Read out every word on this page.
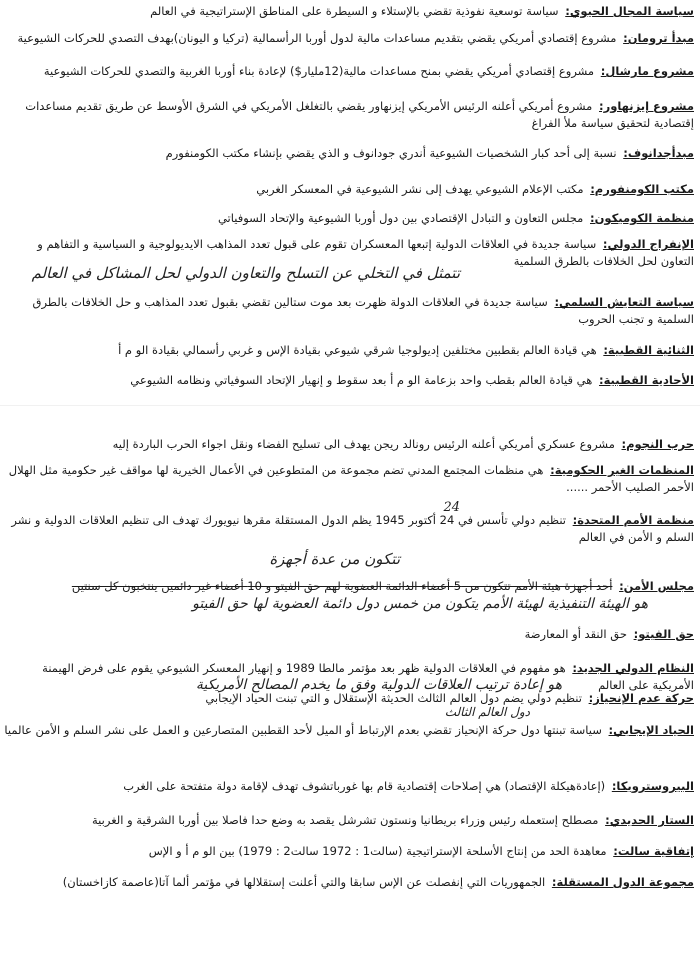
سياسة المجال الحيوي: سياسة توسعية نفوذية تقضي بالإستلاء و السيطرة على المناطق الإستراتيجية في العالم
مبدأ ترومان: مشروع إقتصادي أمريكي يقضي بتقديم مساعدات مالية لدول أوربا الرأسمالية (تركيا و اليونان)بهدف التصدي للحركات الشيوعية
مشروع مارشال: مشروع إقتصادي أمريكي يقضي بمنح مساعدات مالية(12مليار$) لإعادة بناء أوربا الغربية والتصدي للحركات الشيوعية
مشروع إيزنهاور: مشروع أمريكي أعلنه الرئيس الأمريكي إيزنهاور يقضي بالتغلغل الأمريكي في الشرق الأوسط عن طريق تقديم مساعدات إقتصادية لتحقيق سياسة ملأ الفراغ
مبدأجدانوف: نسبة إلى أحد كبار الشخصيات الشيوعية أندري جودانوف و الذي يقضي بإنشاء مكتب الكومنفورم
مكتب الكومنفورم: مكتب الإعلام الشيوعي يهدف إلى نشر الشيوعية في المعسكر الغربي
منظمة الكوميكون: مجلس التعاون و التبادل الإقتصادي بين دول أوربا الشيوعية والإتحاد السوفياتي
الإنفراج الدولي: سياسة جديدة في العلاقات الدولية إتبعها المعسكران تقوم على قبول تعدد المذاهب الايديولوجية و السياسية و التفاهم و التعاون لحل الخلافات بالطرق السلمية
تتمثل في التخلي عن التسلح والتعاون الدولي لحل المشاكل في العالم
سياسة التعايش السلمي: سياسة جديدة في العلاقات الدولة ظهرت بعد موت ستالين تقضي بقبول تعدد المذاهب و حل الخلافات بالطرق السلمية و تجنب الحروب
الثنائية القطبية: هي قيادة العالم بقطبين مختلفين إديولوجيا شرقي شيوعي بقيادة الإس و غربي رأسمالي بقيادة الو م أ
الأحادية القطبية: هي قيادة العالم بقطب واحد بزعامة الو م أ بعد سقوط و إنهيار الإتحاد السوفياتي ونظامه الشيوعي
حرب النجوم: مشروع عسكري أمريكي أعلنه الرئيس رونالد ريجن يهدف الى تسليح الفضاء ونقل اجواء الحرب الباردة إليه
المنظمات الغير الحكومية: هي منظمات المجتمع المدني تضم مجموعة من المتطوعين في الأعمال الخيرية لها مواقف غير حكومية مثل الهلال الأحمر الصليب الأحمر ......
منظمة الأمم المتحدة: تنظيم دولي تأسس في 24 أكتوبر 1945 يظم الدول المستقلة مقرها نيويورك تهدف الى تنظيم العلاقات الدولية و نشر السلم و الأمن في العالم
24
تتكون من عدة أجهزة
مجلس الأمن: أحد أجهزة هيئة الأمم تتكون من 5 أعضاء الدائمة العضوية لهم حق الفيتو و 10 أعضاء غير دائمين ينتخبون كل سنتين
هو الهيئة التنفيذية لهيئة الأمم يتكون من خمس دول دائمة العضوية لها حق الفيتو
حق الفيتو: حق النقد أو المعارضة
النظام الدولي الجديد: هو مفهوم في العلاقات الدولية ظهر بعد مؤتمر مالطا 1989 و إنهيار المعسكر الشيوعي يقوم على فرض الهيمنة الأمريكية على العالم
هو إعادة ترتيب العلاقات الدولية وفق ما يخدم المصالح الأمريكية
حركة عدم الإنحياز: تنظيم دولي يضم دول العالم الثالث الحديثة الإستقلال و التي تبنت الحياد الإيجابي
دول العالم الثالث
الحياد الإيجابي: سياسة تبنتها دول حركة الإنحياز تقضي بعدم الإرتباط أو الميل لأحد القطبين المتصارعين و العمل على نشر السلم و الأمن عالميا
البيروسترويكا: (إعادةهيكلة الإقتصاد) هي إصلاحات إقتصادية قام بها غورباتشوف تهدف لإقامة دولة متفتحة على الغرب
الستار الحديدي: مصطلح إستعمله رئيس وزراء بريطانيا ونستون تشرشل يقصد به وضع حدا فاصلا بين أوربا الشرقية و الغربية
إتفاقية سالت: معاهدة الحد من إنتاج الأسلحة الإستراتيجية (سالت1 : 1972 سالت2 : 1979) بين الو م أ و الإس
مجموعة الدول المستقلة: الجمهوريات التي إنفصلت عن الإس سابقا والتي أعلنت إستقلالها في مؤتمر ألما آتا(عاصمة كازاخستان)
